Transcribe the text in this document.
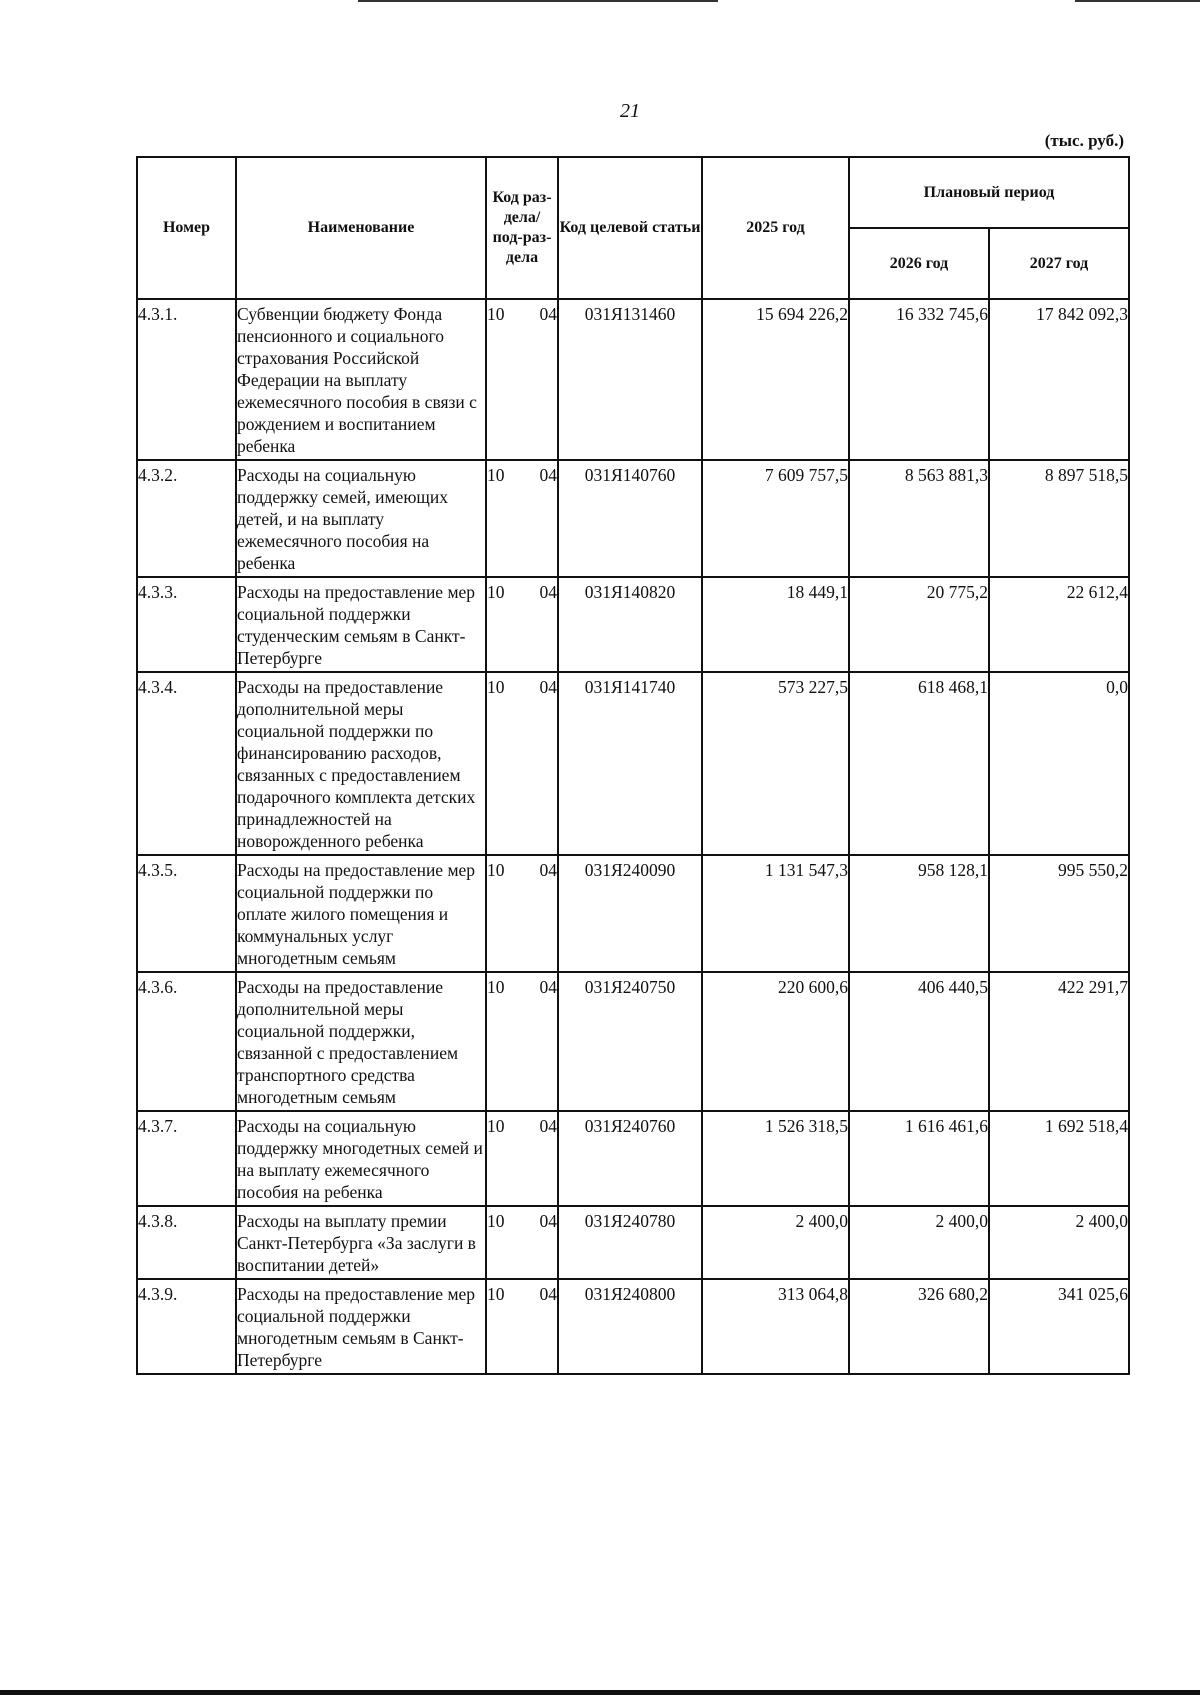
21
(тыс. руб.)
Номер	Наименование	Код раз-дела/ под-раз-дела	Код целевой статьи	2025 год	Плановый период	
					2026 год	2027 год
4.3.1.	Субвенции бюджету Фонда пенсионного и социального страхования Российской Федерации на выплату ежемесячного пособия в связи с рождением и воспитанием ребенка	10 04	031Я131460	15 694 226,2	16 332 745,6	17 842 092,3
4.3.2.	Расходы на социальную поддержку семей, имеющих детей, и на выплату ежемесячного пособия на ребенка	10 04	031Я140760	7 609 757,5	8 563 881,3	8 897 518,5
4.3.3.	Расходы на предоставление мер социальной поддержки студенческим семьям в Санкт-Петербурге	10 04	031Я140820	18 449,1	20 775,2	22 612,4
4.3.4.	Расходы на предоставление дополнительной меры социальной поддержки по финансированию расходов, связанных с предоставлением подарочного комплекта детских принадлежностей на новорожденного ребенка	10 04	031Я141740	573 227,5	618 468,1	0,0
4.3.5.	Расходы на предоставление мер социальной поддержки по оплате жилого помещения и коммунальных услуг многодетным семьям	10 04	031Я240090	1 131 547,3	958 128,1	995 550,2
4.3.6.	Расходы на предоставление дополнительной меры социальной поддержки, связанной с предоставлением транспортного средства многодетным семьям	10 04	031Я240750	220 600,6	406 440,5	422 291,7
4.3.7.	Расходы на социальную поддержку многодетных семей и на выплату ежемесячного пособия на ребенка	10 04	031Я240760	1 526 318,5	1 616 461,6	1 692 518,4
4.3.8.	Расходы на выплату премии Санкт-Петербурга «За заслуги в воспитании детей»	10 04	031Я240780	2 400,0	2 400,0	2 400,0
4.3.9.	Расходы на предоставление мер социальной поддержки многодетным семьям в Санкт-Петербурге	10 04	031Я240800	313 064,8	326 680,2	341 025,6
